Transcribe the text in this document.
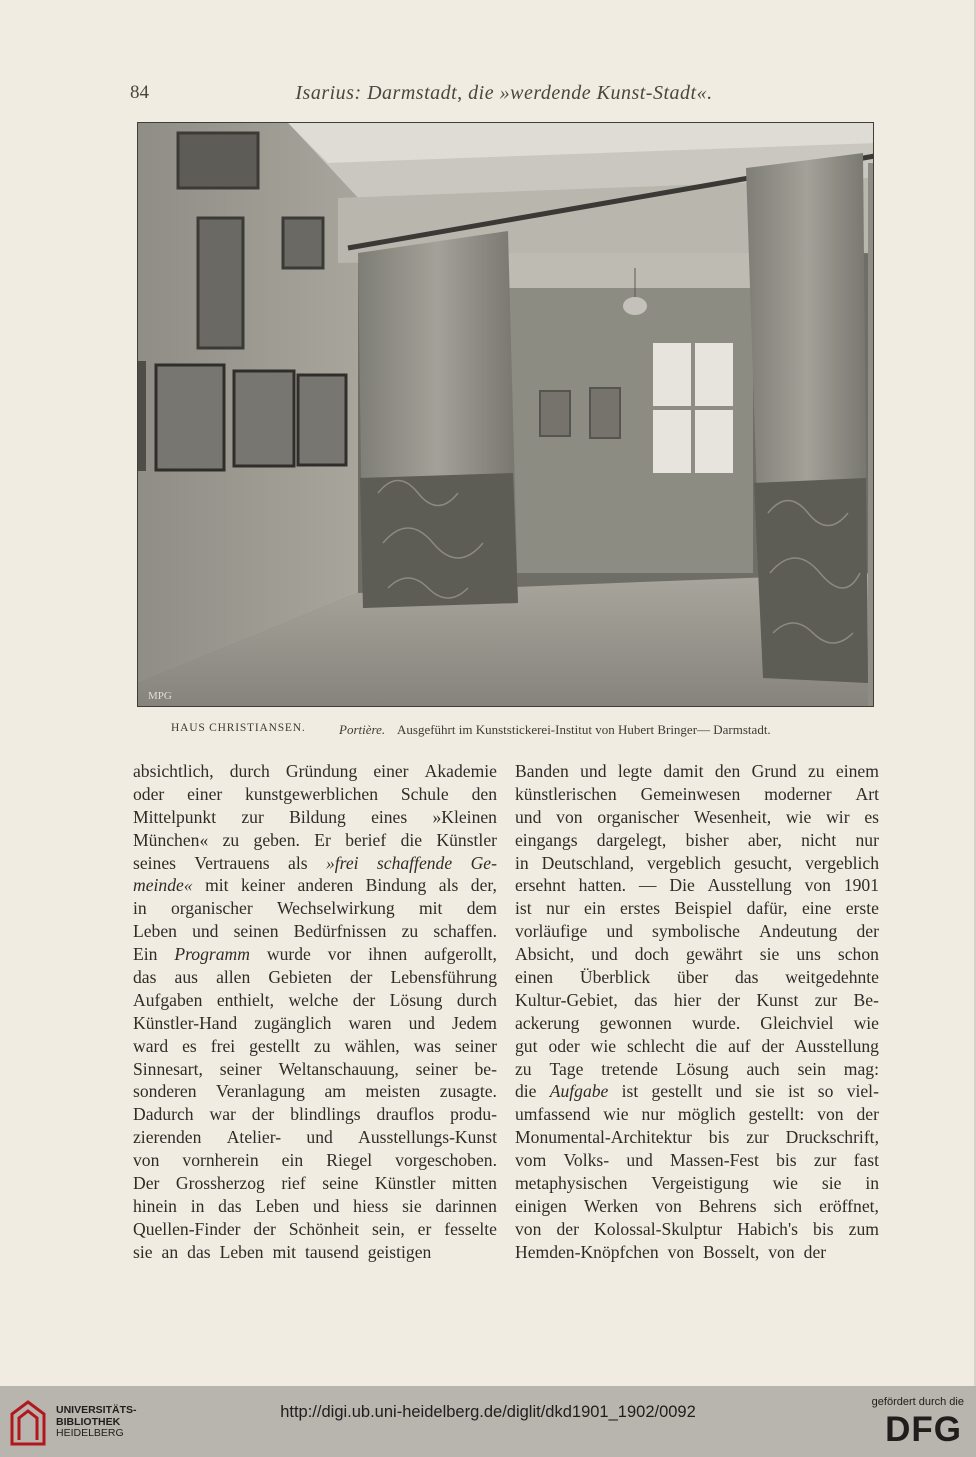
84	Isarius: Darmstadt, die »werdende Kunst-Stadt«.
MPG
HAUS CHRISTIANSEN.	Portière. Ausgeführt im Kunststickerei-Institut von Hubert Bringer— Darmstadt.
absichtlich, durch Gründung einer Akademie
oder einer kunstgewerblichen Schule den
Mittelpunkt zur Bildung eines »Kleinen
München« zu geben. Er berief die Künstler
seines Vertrauens als »frei schaffende Ge-
meinde« mit keiner anderen Bindung als der,
in organischer Wechselwirkung mit dem
Leben und seinen Bedürfnissen zu schaffen.
Ein Programm wurde vor ihnen aufgerollt,
das aus allen Gebieten der Lebensführung
Aufgaben enthielt, welche der Lösung durch
Künstler-Hand zugänglich waren und Jedem
ward es frei gestellt zu wählen, was seiner
Sinnesart, seiner Weltanschauung, seiner be-
sonderen Veranlagung am meisten zusagte.
Dadurch war der blindlings drauflos produ-
zierenden Atelier- und Ausstellungs-Kunst
von vornherein ein Riegel vorgeschoben.
Der Grossherzog rief seine Künstler mitten
hinein in das Leben und hiess sie darinnen
Quellen-Finder der Schönheit sein, er fesselte
sie an das Leben mit tausend geistigen
Banden und legte damit den Grund zu einem
künstlerischen Gemeinwesen moderner Art
und von organischer Wesenheit, wie wir es
eingangs dargelegt, bisher aber, nicht nur
in Deutschland, vergeblich gesucht, vergeblich
ersehnt hatten. — Die Ausstellung von 1901
ist nur ein erstes Beispiel dafür, eine erste
vorläufige und symbolische Andeutung der
Absicht, und doch gewährt sie uns schon
einen Überblick über das weitgedehnte
Kultur-Gebiet, das hier der Kunst zur Be-
ackerung gewonnen wurde. Gleichviel wie
gut oder wie schlecht die auf der Ausstellung
zu Tage tretende Lösung auch sein mag:
die Aufgabe ist gestellt und sie ist so viel-
umfassend wie nur möglich gestellt: von der
Monumental-Architektur bis zur Druckschrift,
vom Volks- und Massen-Fest bis zur fast
metaphysischen Vergeistigung wie sie in
einigen Werken von Behrens sich eröffnet,
von der Kolossal-Skulptur Habich's bis zum
Hemden-Knöpfchen von Bosselt, von der
UNIVERSITÄTS-
BIBLIOTHEK
HEIDELBERG
http://digi.ub.uni-heidelberg.de/diglit/dkd1901_1902/0092
gefördert durch die
DFG
